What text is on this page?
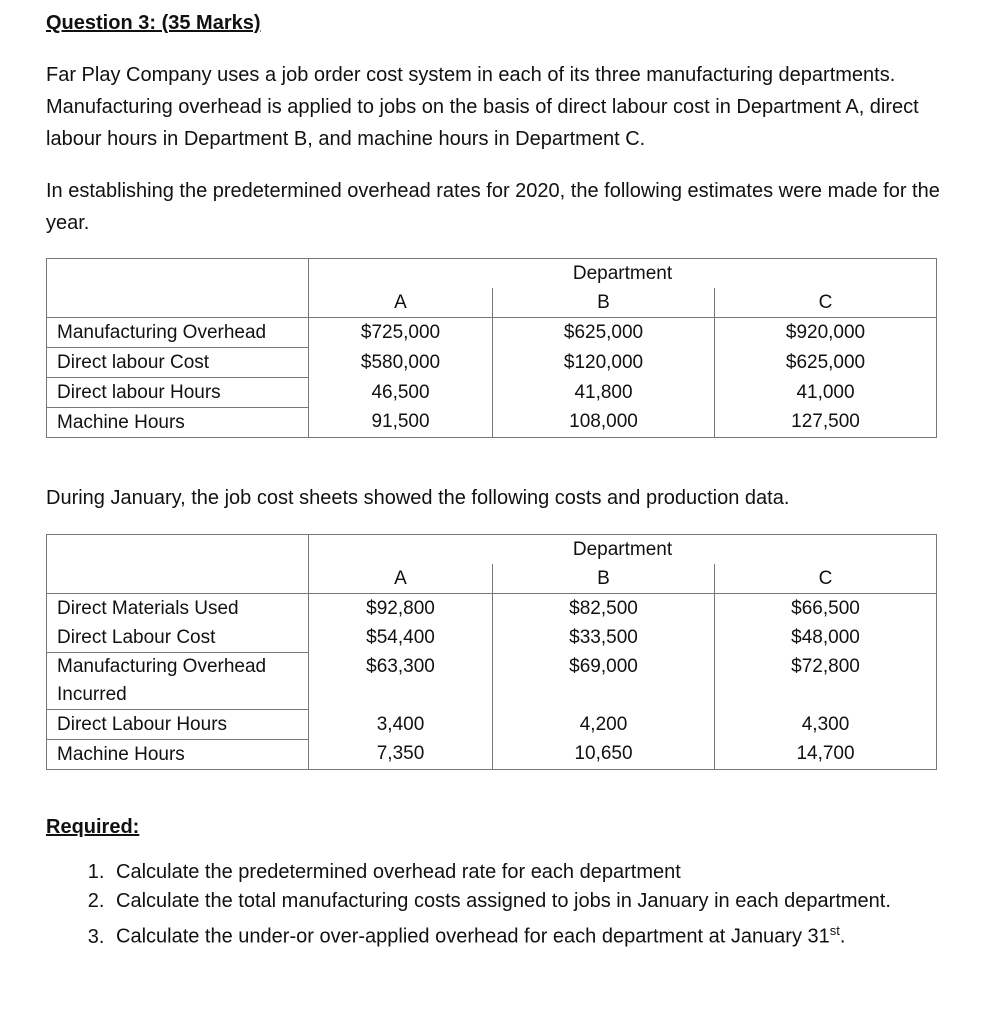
Question 3: (35 Marks)
Far Play Company uses a job order cost system in each of its three manufacturing departments. Manufacturing overhead is applied to jobs on the basis of direct labour cost in Department A, direct labour hours in Department B, and machine hours in Department C.
In establishing the predetermined overhead rates for 2020, the following estimates were made for the year.
	Department		
	A	B	C
Manufacturing Overhead	$725,000	$625,000	$920,000
Direct labour Cost	$580,000	$120,000	$625,000
Direct labour Hours	46,500	41,800	41,000
Machine Hours	91,500	108,000	127,500
During January, the job cost sheets showed the following costs and production data.
	Department		
	A	B	C
Direct Materials Used	$92,800	$82,500	$66,500
Direct Labour Cost	$54,400	$33,500	$48,000
Manufacturing Overhead Incurred	$63,300	$69,000	$72,800
Direct Labour Hours	3,400	4,200	4,300
Machine Hours	7,350	10,650	14,700
Required:
1. Calculate the predetermined overhead rate for each department
2. Calculate the total manufacturing costs assigned to jobs in January in each department.
3. Calculate the under-or over-applied overhead for each department at January 31st.
